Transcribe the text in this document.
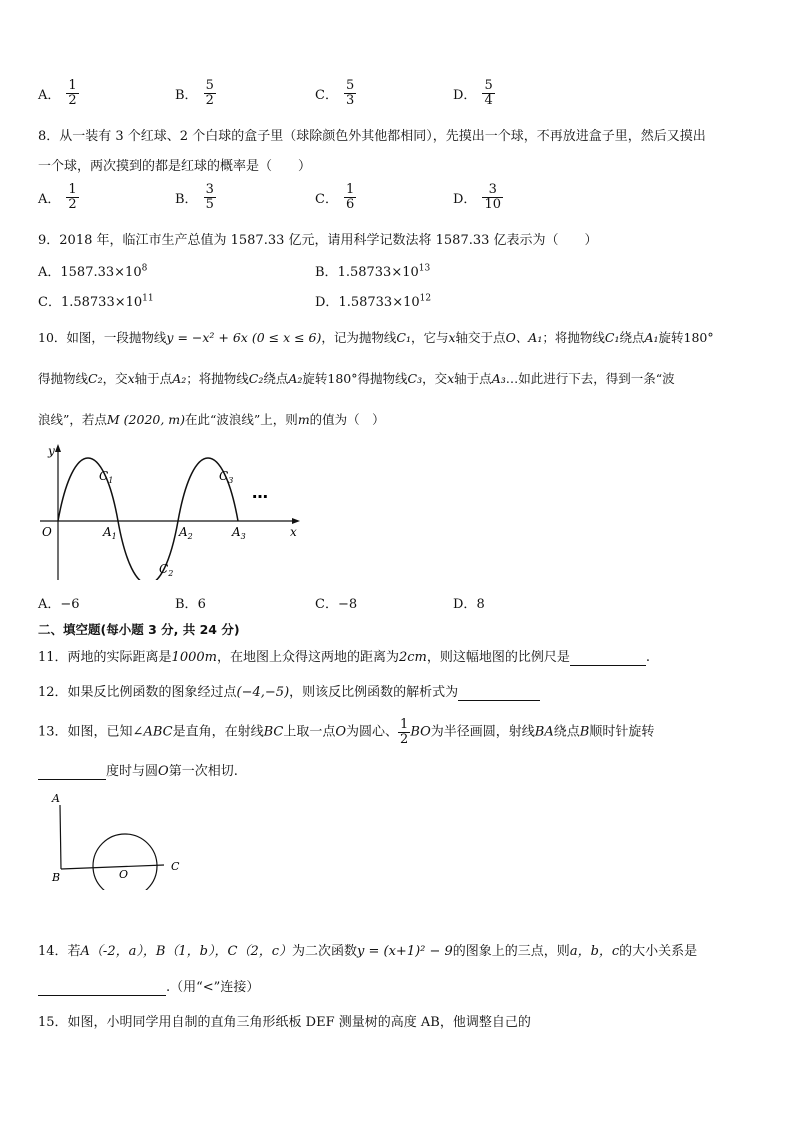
A． $\frac{1}{2}$	B． $\frac{5}{2}$	C． $\frac{5}{3}$	D． $\frac{5}{4}$
8．从一装有 3 个红球、2 个白球的盒子里（球除颜色外其他都相同），先摸出一个球，不再放进盒子里，然后又摸出
一个球，两次摸到的都是红球的概率是（　　）
A． $\frac{1}{2}$	B． $\frac{3}{5}$	C． $\frac{1}{6}$	D． $\frac{3}{10}$
9．2018 年，临江市生产总值为 1587.33 亿元，请用科学记数法将 1587.33 亿表示为（　　）
A．$1587.33\times 10^8$	B．$1.58733\times 10^{13}$
C．$1.58733\times 10^{11}$	D．$1.58733\times 10^{12}$
10．如图，一段抛物线y = −x² + 6x (0 ≤ x ≤ 6)，记为抛物线C₁，它与x轴交于点O、A₁；将抛物线C₁绕点A₁旋转180°
得抛物线C₂，交x轴于点A₂；将抛物线C₂绕点A₂旋转180°得抛物线C₃，交x轴于点A₃…如此进行下去，得到一条“波
浪线”，若点M (2020, m)在此“波浪线”上，则m的值为（　）
y
x
O
$C_1$
$C_2$
$C_3$
$A_1$	$A_2$	$A_3$
…
A．−6	B．6	C．−8	D．8
二、填空题(每小题 3 分, 共 24 分)
11．两地的实际距离是1000m，在地图上众得这两地的距离为2cm，则这幅地图的比例尺是	.
12．如果反比例函数的图象经过点(−4,−5)，则该反比例函数的解析式为
13．如图，已知∠ABC是直角，在射线BC上取一点O为圆心、 $\frac{1}{2}$ BO为半径画圆，射线BA绕点B顺时针旋转
度时与圆O第一次相切.
A
B	O
C
14．若A（-2，a），B（1，b），C（2，c）为二次函数y = (x+1)² − 9的图象上的三点，则a，b，c的大小关系是
.（用“<”连接）
15．如图，小明同学用自制的直角三角形纸板 DEF 测量树的高度 AB，他调整自己的
